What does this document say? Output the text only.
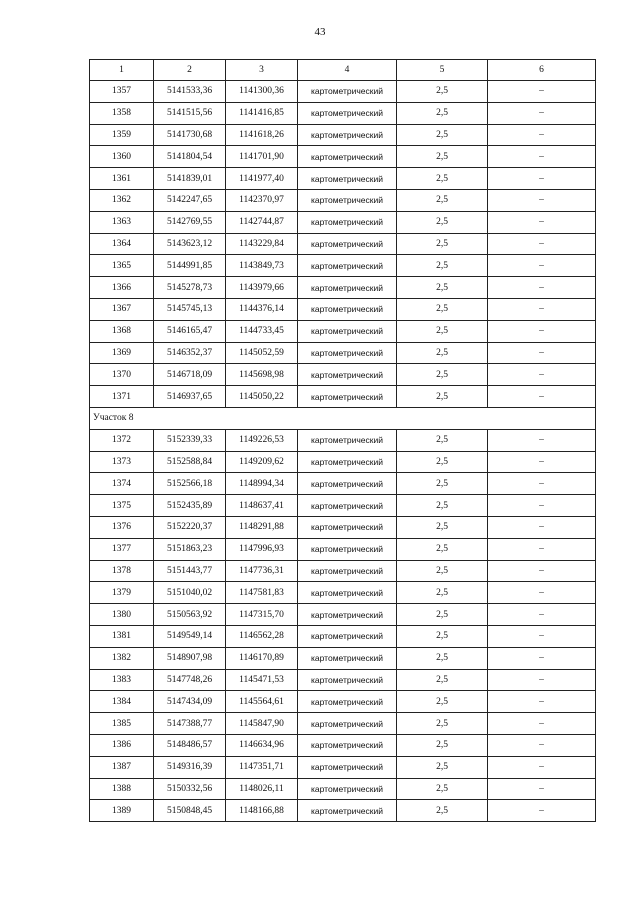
43
1	2	3	4	5	6
1357	5141533,36	1141300,36	картометрический	2,5	–
1358	5141515,56	1141416,85	картометрический	2,5	–
1359	5141730,68	1141618,26	картометрический	2,5	–
1360	5141804,54	1141701,90	картометрический	2,5	–
1361	5141839,01	1141977,40	картометрический	2,5	–
1362	5142247,65	1142370,97	картометрический	2,5	–
1363	5142769,55	1142744,87	картометрический	2,5	–
1364	5143623,12	1143229,84	картометрический	2,5	–
1365	5144991,85	1143849,73	картометрический	2,5	–
1366	5145278,73	1143979,66	картометрический	2,5	–
1367	5145745,13	1144376,14	картометрический	2,5	–
1368	5146165,47	1144733,45	картометрический	2,5	–
1369	5146352,37	1145052,59	картометрический	2,5	–
1370	5146718,09	1145698,98	картометрический	2,5	–
1371	5146937,65	1145050,22	картометрический	2,5	–
Участок 8					
1372	5152339,33	1149226,53	картометрический	2,5	–
1373	5152588,84	1149209,62	картометрический	2,5	–
1374	5152566,18	1148994,34	картометрический	2,5	–
1375	5152435,89	1148637,41	картометрический	2,5	–
1376	5152220,37	1148291,88	картометрический	2,5	–
1377	5151863,23	1147996,93	картометрический	2,5	–
1378	5151443,77	1147736,31	картометрический	2,5	–
1379	5151040,02	1147581,83	картометрический	2,5	–
1380	5150563,92	1147315,70	картометрический	2,5	–
1381	5149549,14	1146562,28	картометрический	2,5	–
1382	5148907,98	1146170,89	картометрический	2,5	–
1383	5147748,26	1145471,53	картометрический	2,5	–
1384	5147434,09	1145564,61	картометрический	2,5	–
1385	5147388,77	1145847,90	картометрический	2,5	–
1386	5148486,57	1146634,96	картометрический	2,5	–
1387	5149316,39	1147351,71	картометрический	2,5	–
1388	5150332,56	1148026,11	картометрический	2,5	–
1389	5150848,45	1148166,88	картометрический	2,5	–
